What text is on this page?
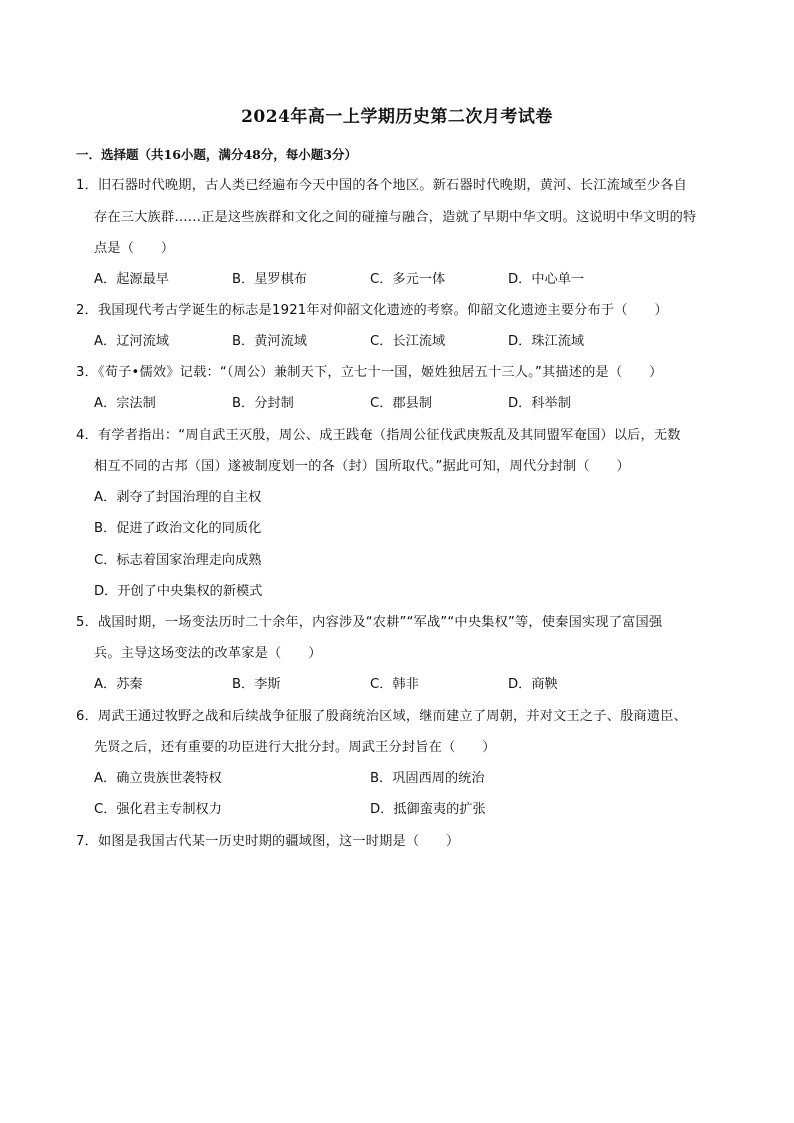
2024年高一上学期历史第二次月考试卷
一．选择题（共16小题，满分48分，每小题3分）
1．旧石器时代晚期，古人类已经遍布今天中国的各个地区。新石器时代晚期，黄河、长江流域至少各自
存在三大族群……正是这些族群和文化之间的碰撞与融合，造就了早期中华文明。这说明中华文明的特
点是（　　）
A．起源最早	B．星罗棋布	C．多元一体	D．中心单一
2．我国现代考古学诞生的标志是1921年对仰韶文化遗迹的考察。仰韶文化遗迹主要分布于（　　）
A．辽河流域	B．黄河流域	C．长江流域	D．珠江流域
3．《荀子•儒效》记载：“（周公）兼制天下，立七十一国，姬姓独居五十三人。”其描述的是（　　）
A．宗法制	B．分封制	C．郡县制	D．科举制
4．有学者指出：“周自武王灭殷，周公、成王践奄（指周公征伐武庚叛乱及其同盟军奄国）以后，无数
相互不同的古邦（国）遂被制度划一的各（封）国所取代。”据此可知，周代分封制（　　）
A．剥夺了封国治理的自主权
B．促进了政治文化的同质化
C．标志着国家治理走向成熟
D．开创了中央集权的新模式
5．战国时期，一场变法历时二十余年，内容涉及“农耕”“军战”“中央集权”等，使秦国实现了富国强
兵。主导这场变法的改革家是（　　）
A．苏秦	B．李斯	C．韩非	D．商鞅
6．周武王通过牧野之战和后续战争征服了殷商统治区域，继而建立了周朝，并对文王之子、殷商遗臣、
先贤之后，还有重要的功臣进行大批分封。周武王分封旨在（　　）
A．确立贵族世袭特权	B．巩固西周的统治
C．强化君主专制权力	D．抵御蛮夷的扩张
7．如图是我国古代某一历史时期的疆域图，这一时期是（　　）
